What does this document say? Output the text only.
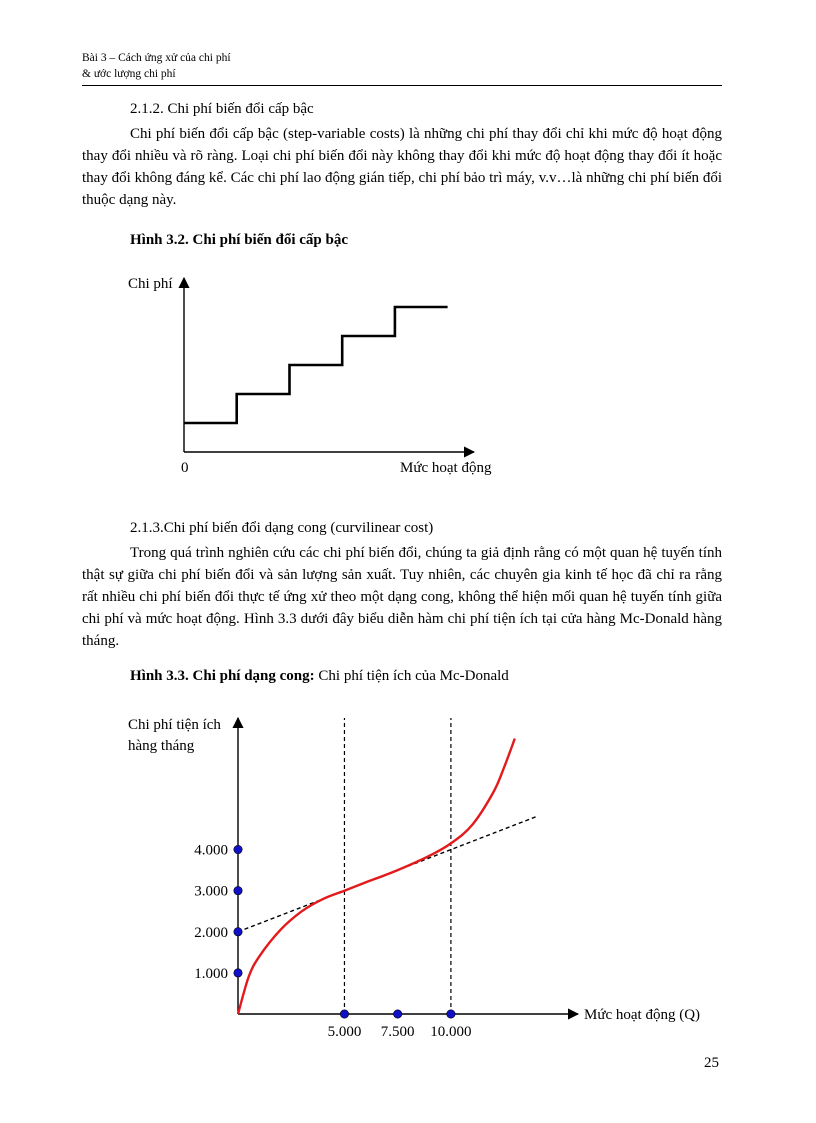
Bài 3 – Cách ứng xử của chi phí
& ước lượng chi phí
2.1.2. Chi phí biến đổi cấp bậc

Chi phí biến đổi cấp bậc (step-variable costs) là những chi phí thay đổi chỉ khi mức độ hoạt động thay đổi nhiều và rõ ràng. Loại chi phí biến đổi này không thay đổi khi mức độ hoạt động thay đổi ít hoặc thay đổi không đáng kể. Các chi phí lao động gián tiếp, chi phí bảo trì máy, v.v…là những chi phí biến đổi thuộc dạng này.

Hình 3.2. Chi phí biến đổi cấp bậc
Chi phí
0	Mức hoạt động
2.1.3.Chi phí biến đổi dạng cong (curvilinear cost)

Trong quá trình nghiên cứu các chi phí biến đổi, chúng ta giả định rằng có một quan hệ tuyến tính thật sự giữa chi phí biến đổi và sản lượng sản xuất. Tuy nhiên, các chuyên gia kinh tế học đã chỉ ra rằng rất nhiều chi phí biến đổi thực tế ứng xử theo một dạng cong, không thể hiện mối quan hệ tuyến tính giữa chi phí và mức hoạt động. Hình 3.3 dưới đây biểu diễn hàm chi phí tiện ích tại cửa hàng Mc-Donald hàng tháng.

Hình 3.3. Chi phí dạng cong: Chi phí tiện ích của Mc-Donald
1.000
2.000
3.000
4.000
5.000 7.500 10.000
Chi phí tiện ích
hàng tháng
Mức hoạt động (Q)
25
